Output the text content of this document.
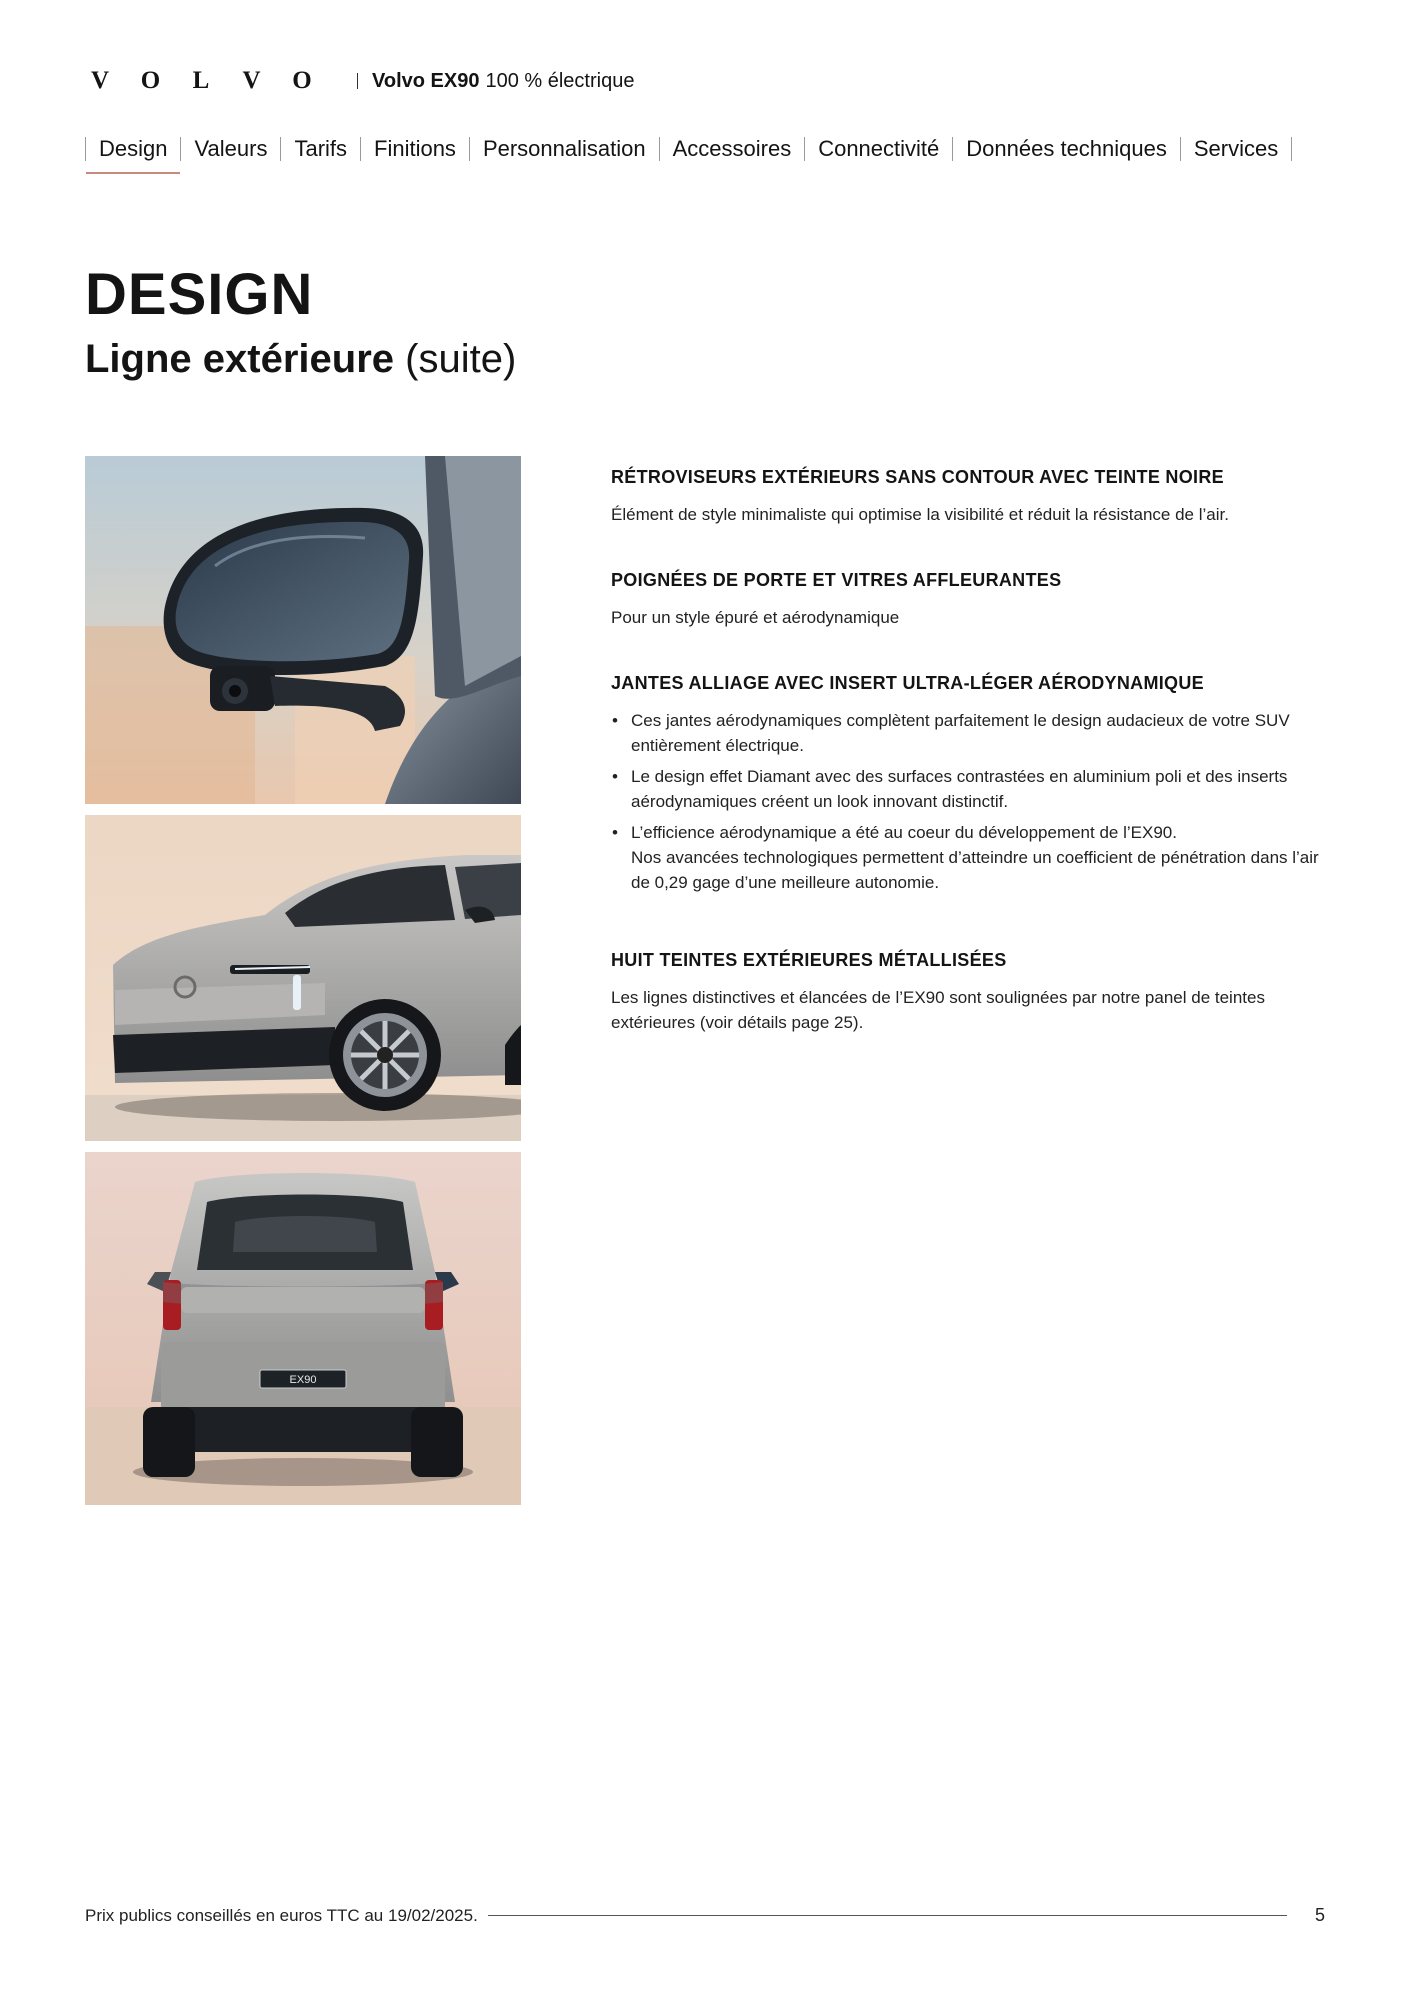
V O L V O	Volvo EX90 100 % électrique
Design	Valeurs	Tarifs	Finitions	Personnalisation	Accessoires	Connectivité	Données techniques	Services
DESIGN
Ligne extérieure (suite)
EX90
RÉTROVISEURS EXTÉRIEURS SANS CONTOUR AVEC TEINTE NOIRE

Élément de style minimaliste qui optimise la visibilité et réduit la résistance de l’air.

POIGNÉES DE PORTE ET VITRES AFFLEURANTES

Pour un style épuré et aérodynamique

JANTES ALLIAGE AVEC INSERT ULTRA-LÉGER AÉRODYNAMIQUE
• Ces jantes aérodynamiques complètent parfaitement le design audacieux de votre SUV entièrement électrique.
• Le design effet Diamant avec des surfaces contrastées en aluminium poli et des inserts aérodynamiques créent un look innovant distinctif.
• L’efficience aérodynamique a été au coeur du développement de l’EX90.
Nos avancées technologiques permettent d’atteindre un coefficient de pénétration dans l’air de 0,29 gage d’une meilleure autonomie.
HUIT TEINTES EXTÉRIEURES MÉTALLISÉES

Les lignes distinctives et élancées de l’EX90 sont soulignées par notre panel de teintes extérieures (voir détails page 25).

Prix publics conseillés en euros TTC au 19/02/2025.	5
